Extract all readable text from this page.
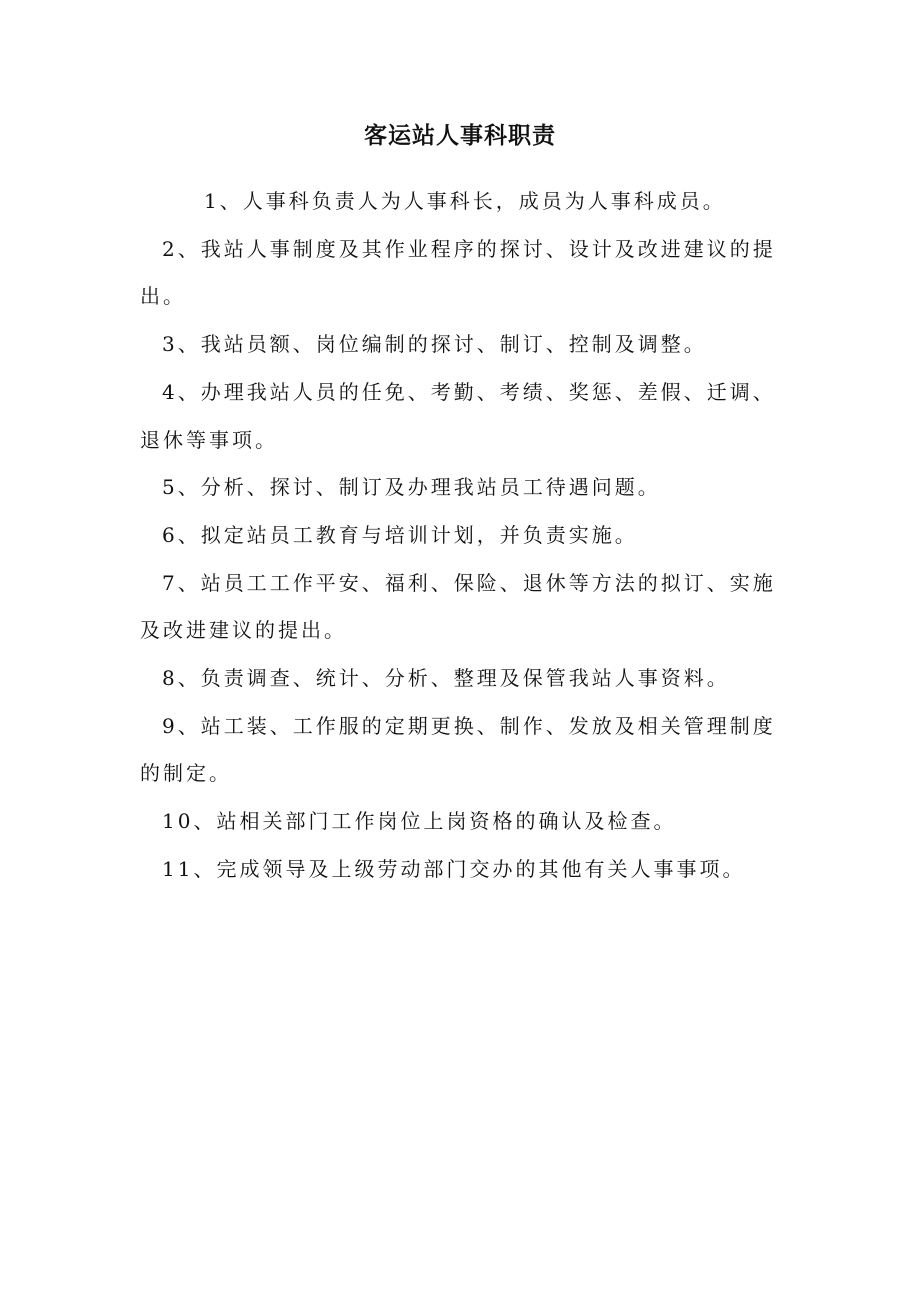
客运站人事科职责

1、人事科负责人为人事科长，成员为人事科成员。

2、我站人事制度及其作业程序的探讨、设计及改进建议的提出。

3、我站员额、岗位编制的探讨、制订、控制及调整。

4、办理我站人员的任免、考勤、考绩、奖惩、差假、迁调、退休等事项。

5、分析、探讨、制订及办理我站员工待遇问题。

6、拟定站员工教育与培训计划，并负责实施。

7、站员工工作平安、福利、保险、退休等方法的拟订、实施及改进建议的提出。

8、负责调查、统计、分析、整理及保管我站人事资料。

9、站工装、工作服的定期更换、制作、发放及相关管理制度的制定。

10、站相关部门工作岗位上岗资格的确认及检查。

11、完成领导及上级劳动部门交办的其他有关人事事项。
